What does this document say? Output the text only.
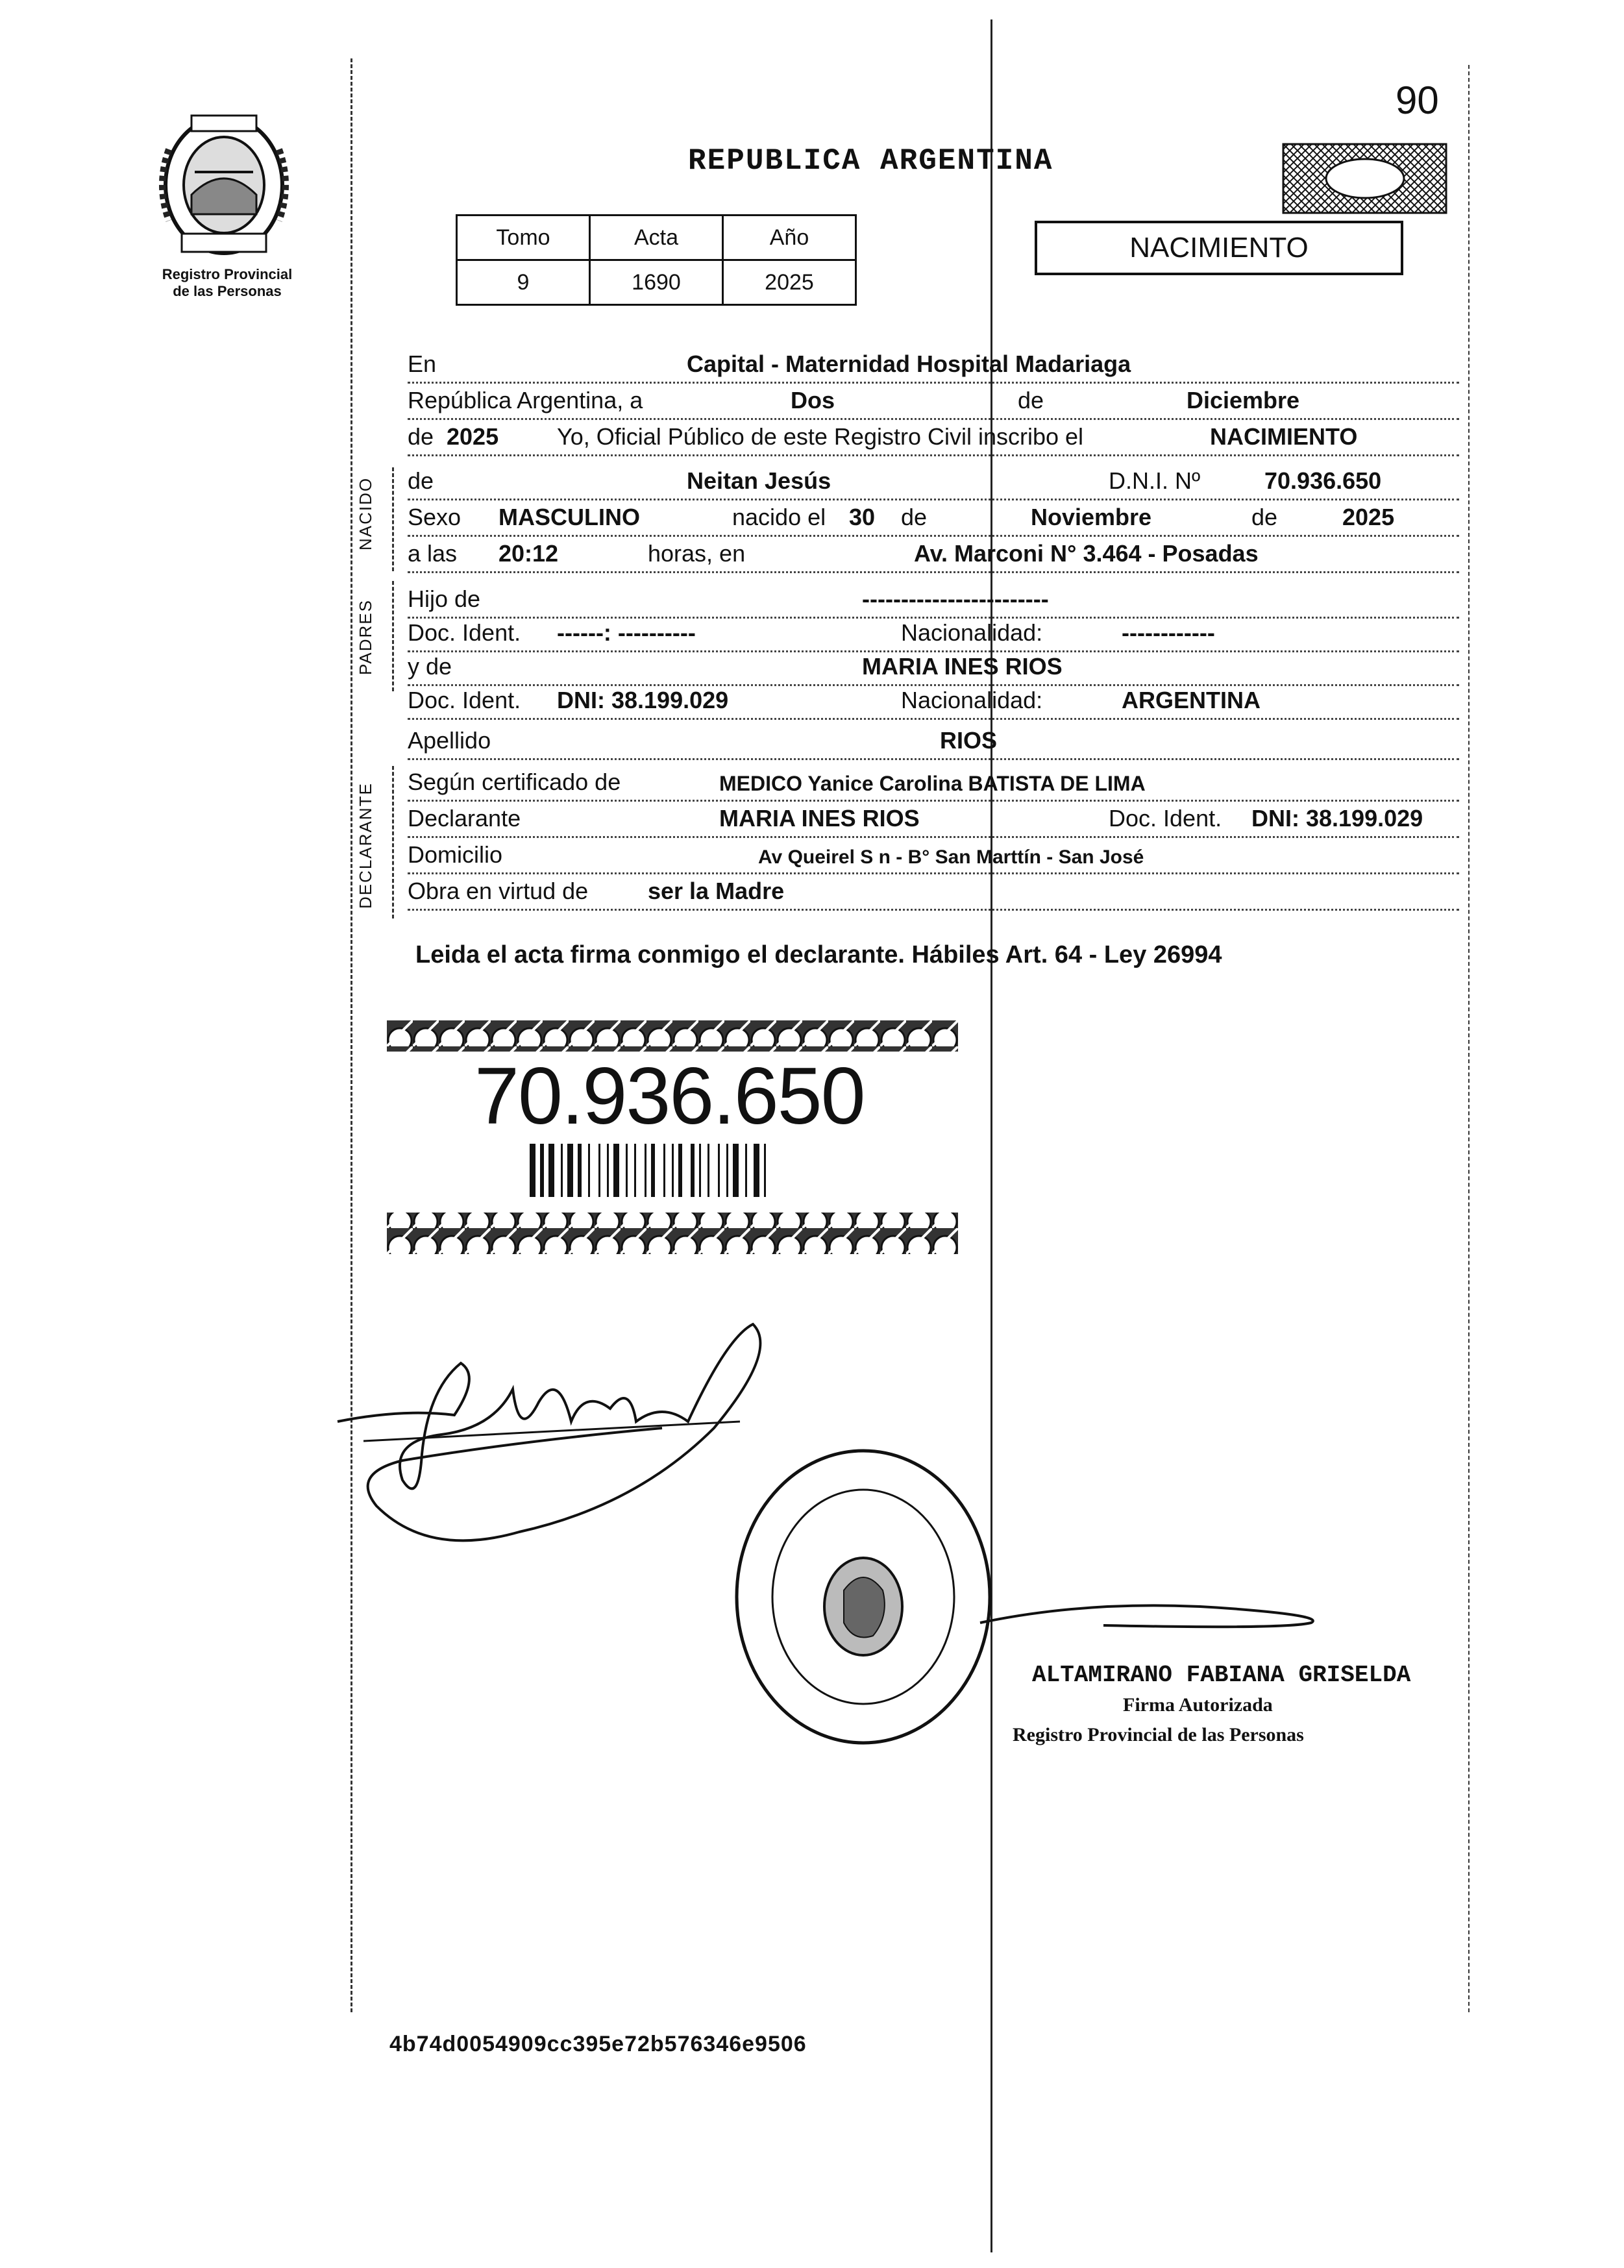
90
Registro Provincial
de las Personas
REPUBLICA ARGENTINA
Tomo	Acta	Año
9	1690	2025
NACIMIENTO
En	Capital - Maternidad Hospital Madariaga
República Argentina, a	Dos	de	Diciembre
de 2025 Yo, Oficial Público de este Registro Civil inscribo el	NACIMIENTO
NACIDO de	Neitan Jesús	D.N.I. Nº	70.936.650
Sexo MASCULINO	nacido el 30 de	Noviembre	de	2025
a las 20:12	horas, en	Av. Marconi N° 3.464 - Posadas
PADRES
Hijo de	------------------------
Doc. Ident. ------: ----------	Nacionalidad:	------------
y de	MARIA INES RIOS
Doc. Ident. DNI: 38.199.029	Nacionalidad:	ARGENTINA
Apellido	RIOS
DECLARANTE
Según certificado de	MEDICO Yanice Carolina BATISTA DE LIMA
Declarante	MARIA INES RIOS	Doc. Ident. DNI: 38.199.029
Domicilio	Av Queirel S n - B° San Marttín - San José
Obra en virtud de	ser la Madre
Leida el acta firma conmigo el declarante. Hábiles Art. 64 - Ley 26994
70.936.650
ALTAMIRANO FABIANA GRISELDA
Firma Autorizada
Registro Provincial de las Personas
4b74d0054909cc395e72b576346e9506
